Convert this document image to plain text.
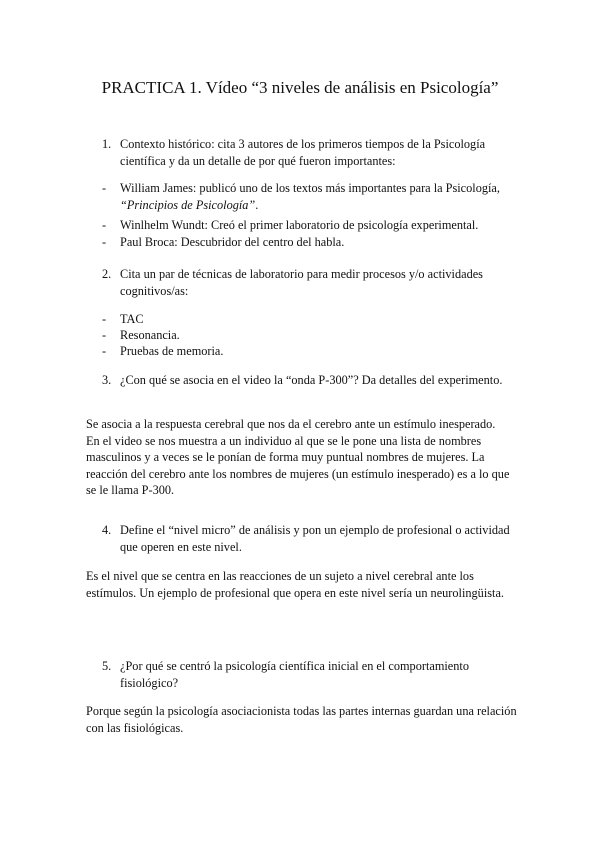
PRACTICA 1. Vídeo “3 niveles de análisis en Psicología”
1. Contexto histórico: cita 3 autores de los primeros tiempos de la Psicología científica y da un detalle de por qué fueron importantes:
- William James: publicó uno de los textos más importantes para la Psicología, “Principios de Psicología”.
- Winlhelm Wundt: Creó el primer laboratorio de psicología experimental.
- Paul Broca: Descubridor del centro del habla.
2. Cita un par de técnicas de laboratorio para medir procesos y/o actividades cognitivos/as:
- TAC
- Resonancia.
- Pruebas de memoria.
3. ¿Con qué se asocia en el video la “onda P-300”? Da detalles del experimento.

Se asocia a la respuesta cerebral que nos da el cerebro ante un estímulo inesperado.

En el video se nos muestra a un individuo al que se le pone una lista de nombres masculinos y a veces se le ponían de forma muy puntual nombres de mujeres. La reacción del cerebro ante los nombres de mujeres (un estímulo inesperado) es a lo que se le llama P-300.

4. Define el “nivel micro” de análisis y pon un ejemplo de profesional o actividad que operen en este nivel.

Es el nivel que se centra en las reacciones de un sujeto a nivel cerebral ante los estímulos. Un ejemplo de profesional que opera en este nivel sería un neurolingüista.

5. ¿Por qué se centró la psicología científica inicial en el comportamiento fisiológico?

Porque según la psicología asociacionista todas las partes internas guardan una relación con las fisiológicas.
